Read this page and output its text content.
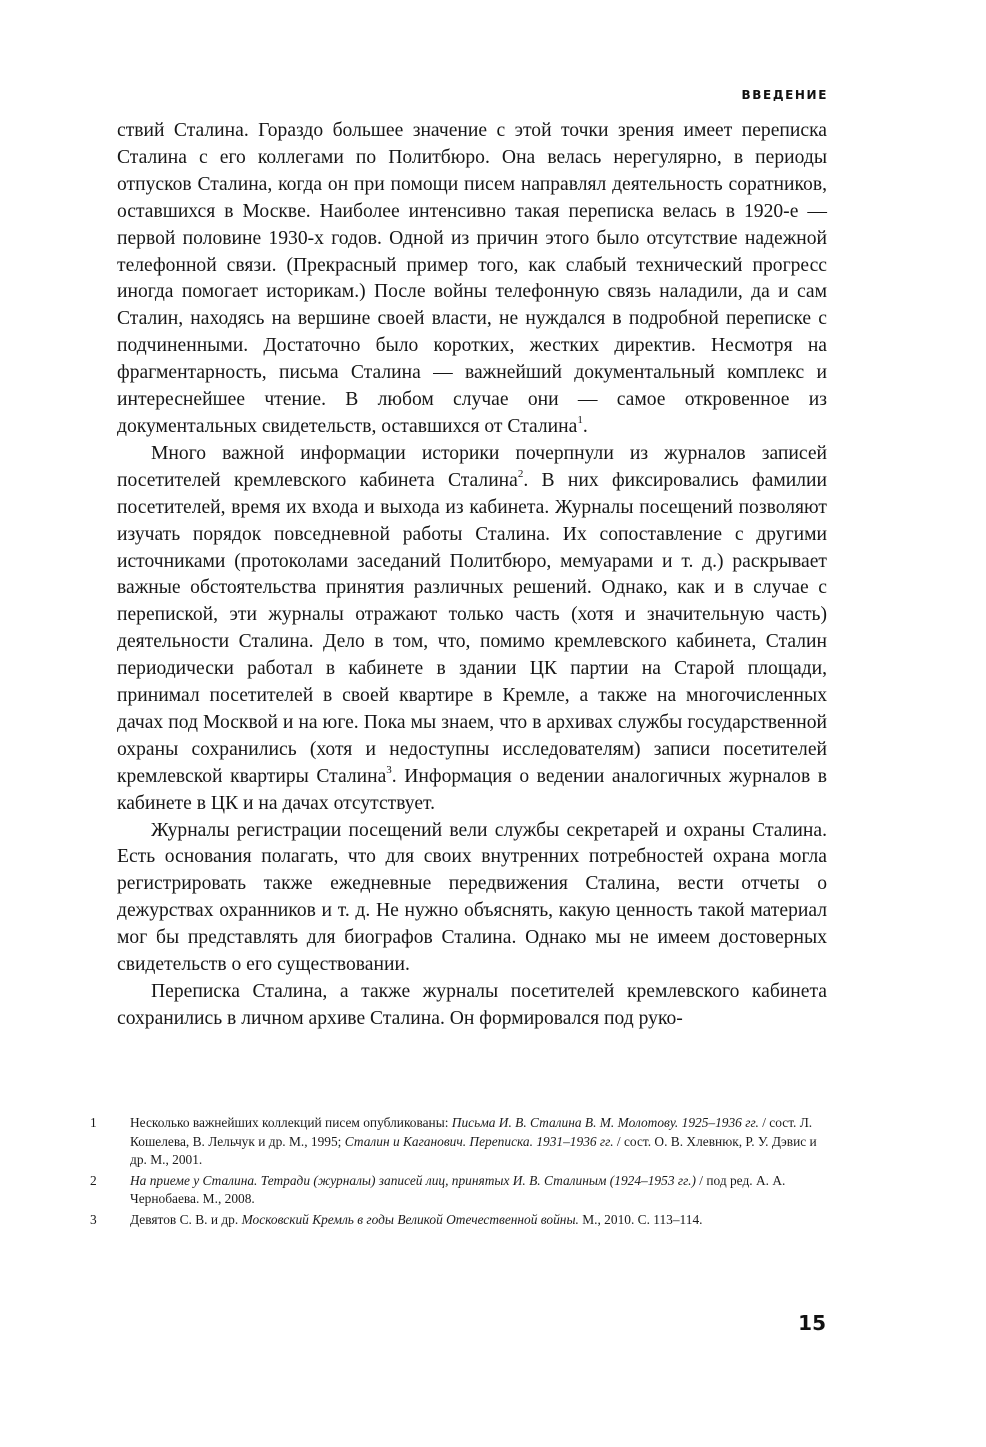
ВВЕДЕНИЕ

ствий Сталина. Гораздо большее значение с этой точки зрения имеет переписка Сталина с его коллегами по Политбюро. Она велась нерегулярно, в периоды отпусков Сталина, когда он при помощи писем направлял деятельность соратников, оставшихся в Москве. Наиболее интенсивно такая переписка велась в 1920-е — первой половине 1930-х годов. Одной из причин этого было отсутствие надежной телефонной связи. (Прекрасный пример того, как слабый технический прогресс иногда помогает историкам.) После войны телефонную связь наладили, да и сам Сталин, находясь на вершине своей власти, не нуждался в подробной переписке с подчиненными. Достаточно было коротких, жестких директив. Несмотря на фрагментарность, письма Сталина — важнейший документальный комплекс и интереснейшее чтение. В любом случае они — самое откровенное из документальных свидетельств, оставшихся от Сталина$^1$.

Много важной информации историки почерпнули из журналов записей посетителей кремлевского кабинета Сталина$^2$. В них фиксировались фамилии посетителей, время их входа и выхода из кабинета. Журналы посещений позволяют изучать порядок повседневной работы Сталина. Их сопоставление с другими источниками (протоколами заседаний Политбюро, мемуарами и т. д.) раскрывает важные обстоятельства принятия различных решений. Однако, как и в случае с перепиской, эти журналы отражают только часть (хотя и значительную часть) деятельности Сталина. Дело в том, что, помимо кремлевского кабинета, Сталин периодически работал в кабинете в здании ЦК партии на Старой площади, принимал посетителей в своей квартире в Кремле, а также на многочисленных дачах под Москвой и на юге. Пока мы знаем, что в архивах службы государственной охраны сохранились (хотя и недоступны исследователям) записи посетителей кремлевской квартиры Сталина$^3$. Информация о ведении аналогичных журналов в кабинете в ЦК и на дачах отсутствует.

Журналы регистрации посещений вели службы секретарей и охраны Сталина. Есть основания полагать, что для своих внутренних потребностей охрана могла регистрировать также ежедневные передвижения Сталина, вести отчеты о дежурствах охранников и т. д. Не нужно объяснять, какую ценность такой материал мог бы представлять для биографов Сталина. Однако мы не имеем достоверных свидетельств о его существовании.

Переписка Сталина, а также журналы посетителей кремлевского кабинета сохранились в личном архиве Сталина. Он формировался под руко-

1	Несколько важнейших коллекций писем опубликованы: Письма И. В. Сталина В. М. Молотову. 1925–1936 гг. / сост. Л. Кошелева, В. Лельчук и др. М., 1995; Сталин и Каганович. Переписка. 1931–1936 гг. / сост. О. В. Хлевнюк, Р. У. Дэвис и др. М., 2001.
2	На приеме у Сталина. Тетради (журналы) записей лиц, принятых И. В. Сталиным (1924–1953 гг.) / под ред. А. А. Чернобаева. М., 2008.
3	Девятов С. В. и др. Московский Кремль в годы Великой Отечественной войны. М., 2010. С. 113–114.
15
